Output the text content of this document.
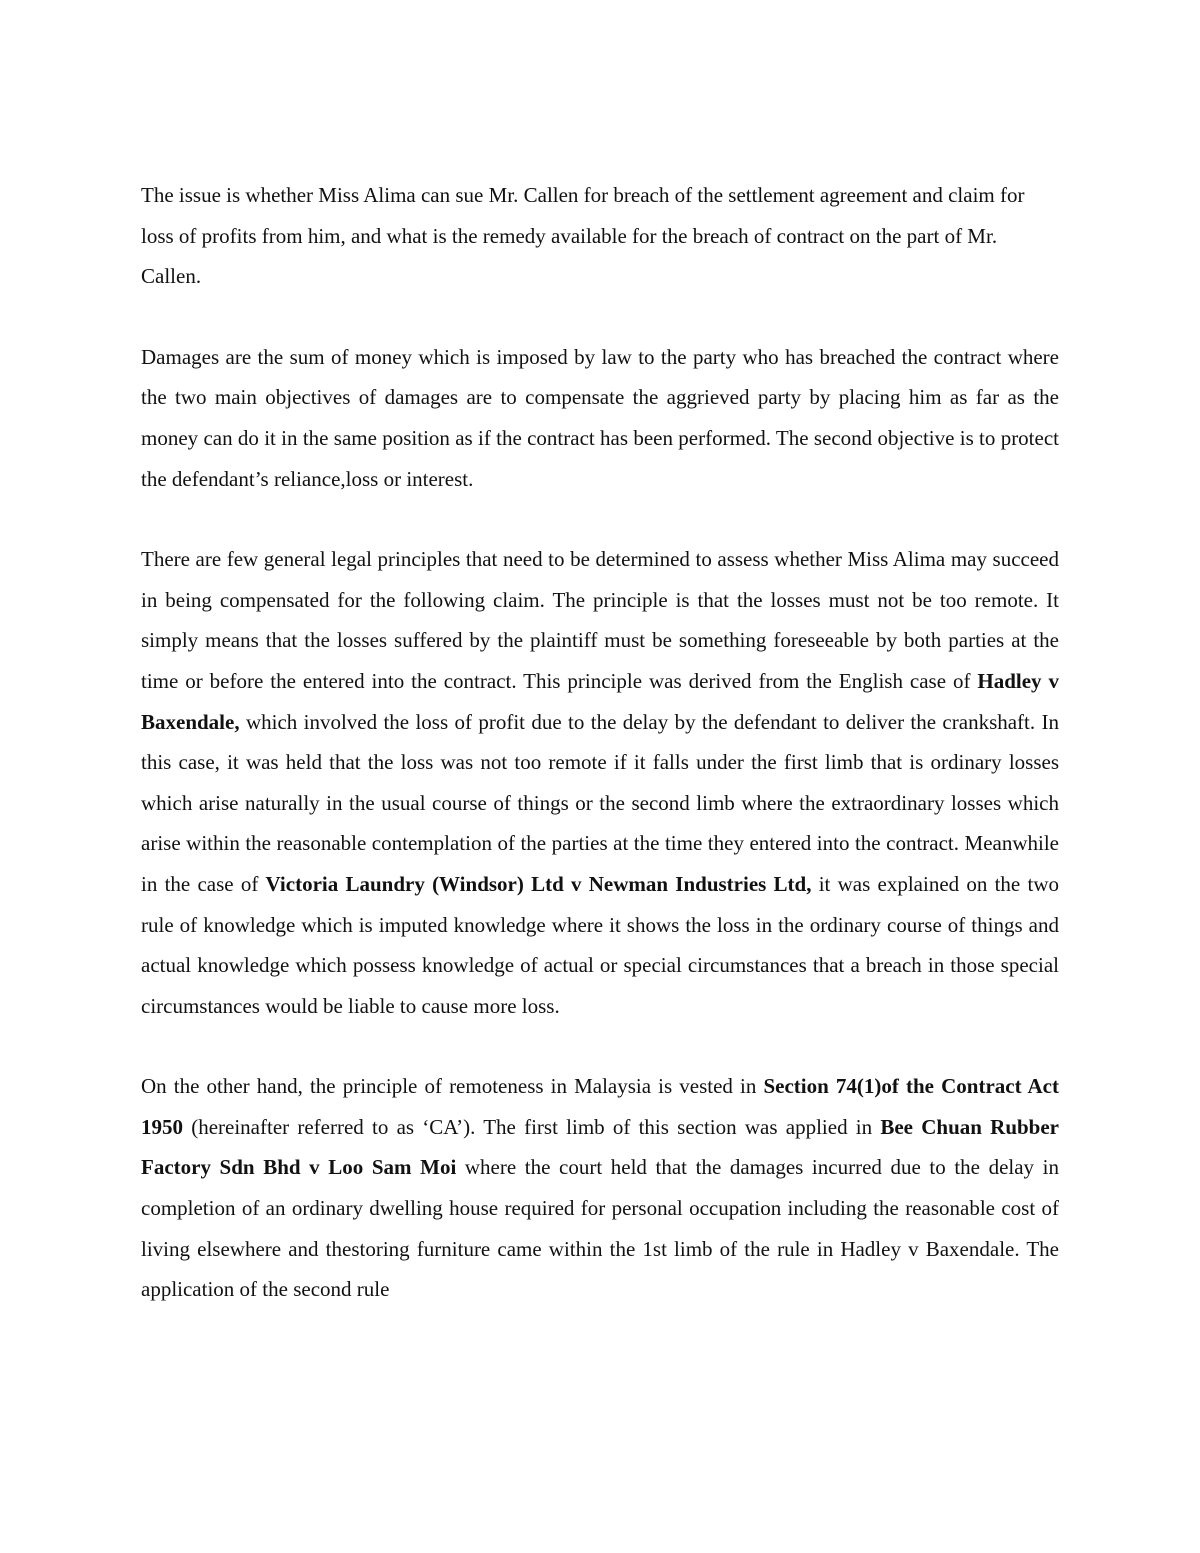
The issue is whether Miss Alima can sue Mr. Callen for breach of the settlement agreement and claim for loss of profits from him, and what is the remedy available for the breach of contract on the part of Mr. Callen.

Damages are the sum of money which is imposed by law to the party who has breached the contract where the two main objectives of damages are to compensate the aggrieved party by placing him as far as the money can do it in the same position as if the contract has been performed. The second objective is to protect the defendant’s reliance,loss or interest.

There are few general legal principles that need to be determined to assess whether Miss Alima may succeed in being compensated for the following claim. The principle is that the losses must not be too remote. It simply means that the losses suffered by the plaintiff must be something foreseeable by both parties at the time or before the entered into the contract. This principle was derived from the English case of Hadley v Baxendale, which involved the loss of profit due to the delay by the defendant to deliver the crankshaft. In this case, it was held that the loss was not too remote if it falls under the first limb that is ordinary losses which arise naturally in the usual course of things or the second limb where the extraordinary losses which arise within the reasonable contemplation of the parties at the time they entered into the contract. Meanwhile in the case of Victoria Laundry (Windsor) Ltd v Newman Industries Ltd, it was explained on the two rule of knowledge which is imputed knowledge where it shows the loss in the ordinary course of things and actual knowledge which possess knowledge of actual or special circumstances that a breach in those special circumstances would be liable to cause more loss.

On the other hand, the principle of remoteness in Malaysia is vested in Section 74(1)of the Contract Act 1950 (hereinafter referred to as ‘CA’). The first limb of this section was applied in Bee Chuan Rubber Factory Sdn Bhd v Loo Sam Moi where the court held that the damages incurred due to the delay in completion of an ordinary dwelling house required for personal occupation including the reasonable cost of living elsewhere and thestoring furniture came within the 1st limb of the rule in Hadley v Baxendale. The application of the second rule
